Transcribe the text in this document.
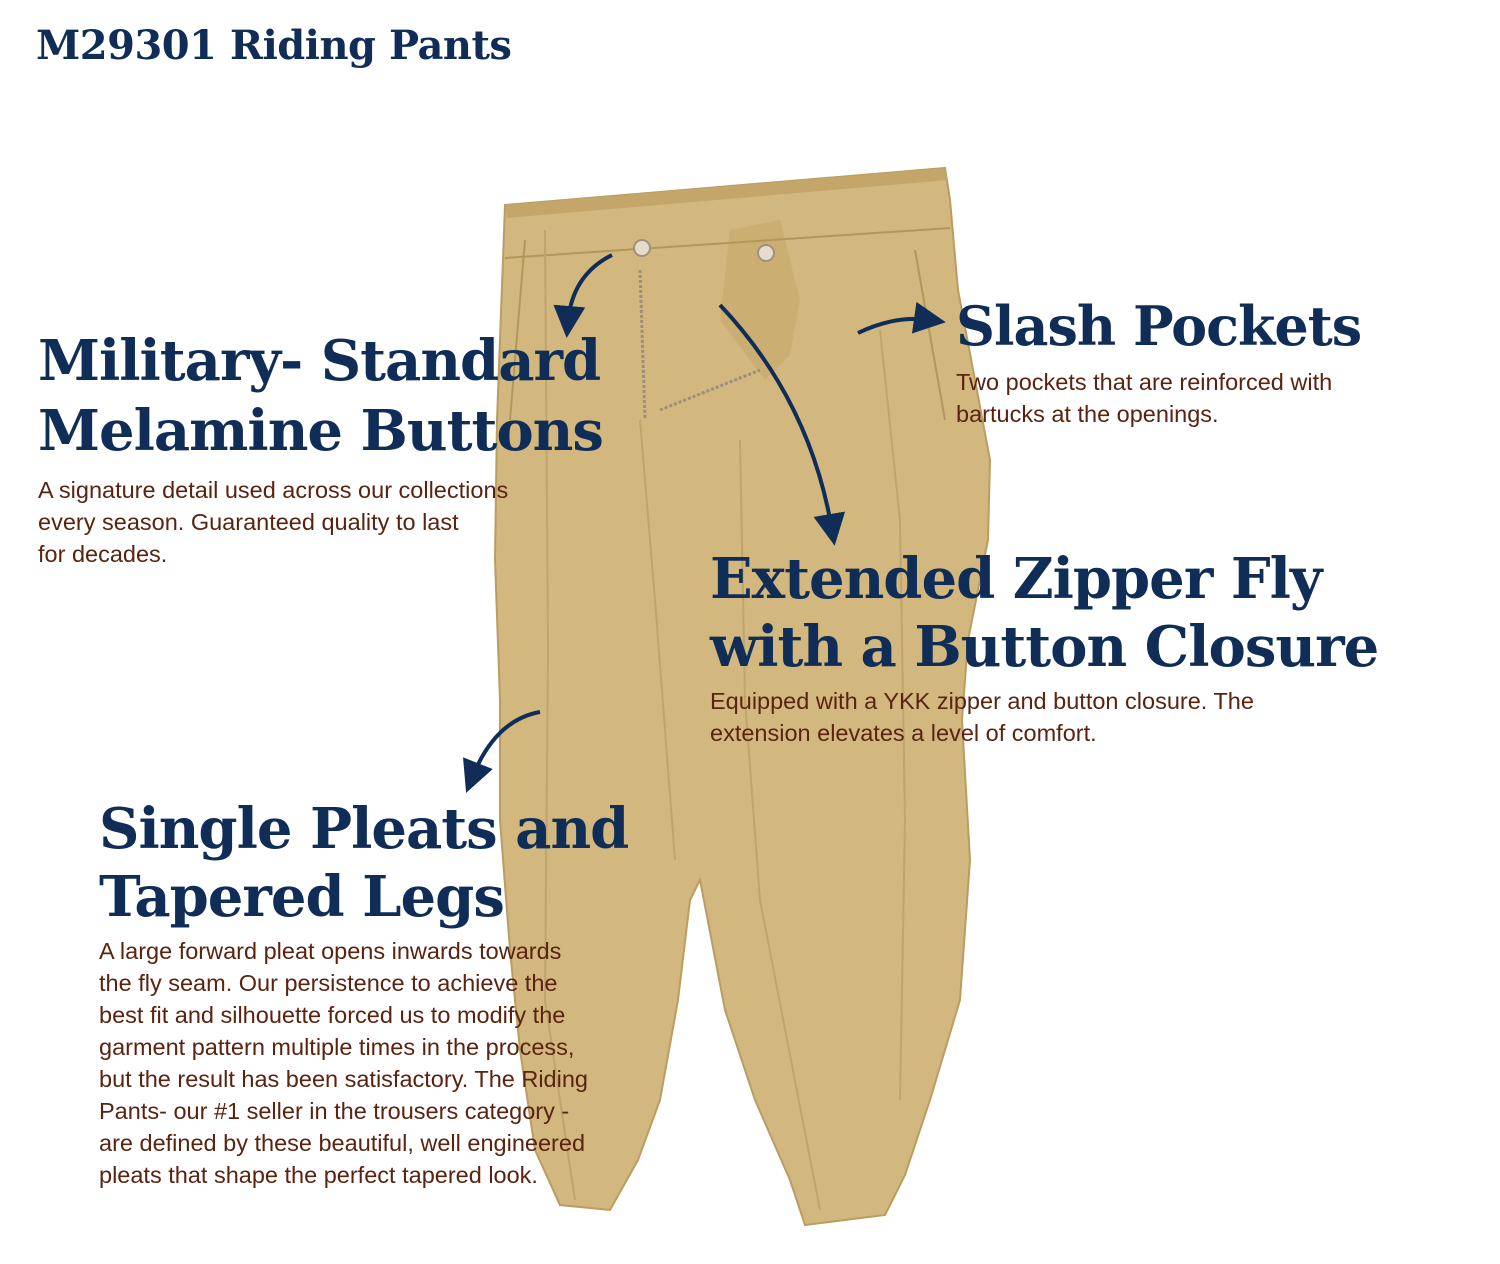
M29301 Riding Pants
Military- Standard
Melamine Buttons

A signature detail used across our collections
every season. Guaranteed quality to last
for decades.

Slash Pockets

Two pockets that are reinforced with
bartucks at the openings.

Extended Zipper Fly
with a Button Closure

Equipped with a YKK zipper and button closure. The
extension elevates a level of comfort.

Single Pleats and
Tapered Legs

A large forward pleat opens inwards towards
the fly seam. Our persistence to achieve the
best fit and silhouette forced us to modify the
garment pattern multiple times in the process,
but the result has been satisfactory. The Riding
Pants- our #1 seller in the trousers category -
are defined by these beautiful, well engineered
pleats that shape the perfect tapered look.
